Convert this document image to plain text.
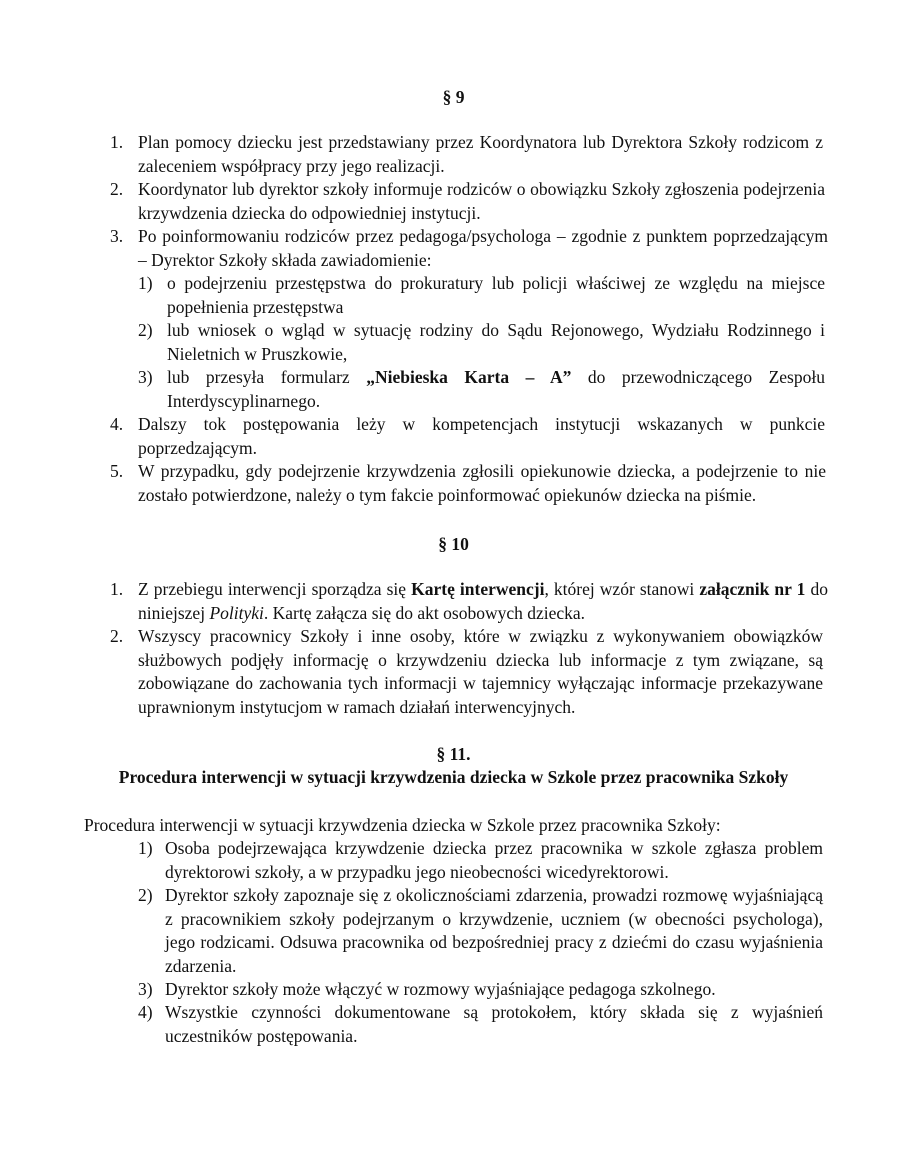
§ 9
1. Plan pomocy dziecku jest przedstawiany przez Koordynatora lub Dyrektora Szkoły rodzicom z zaleceniem współpracy przy jego realizacji.
2. Koordynator lub dyrektor szkoły informuje rodziców o obowiązku Szkoły zgłoszenia podejrzenia krzywdzenia dziecka do odpowiedniej instytucji.
3. Po poinformowaniu rodziców przez pedagoga/psychologa – zgodnie z punktem poprzedzającym – Dyrektor Szkoły składa zawiadomienie:
1) o podejrzeniu przestępstwa do prokuratury lub policji właściwej ze względu na miejsce popełnienia przestępstwa
2) lub wniosek o wgląd w sytuację rodziny do Sądu Rejonowego, Wydziału Rodzinnego i Nieletnich w Pruszkowie,
3) lub przesyła formularz „Niebieska Karta – A” do przewodniczącego Zespołu Interdyscyplinarnego.
4. Dalszy tok postępowania leży w kompetencjach instytucji wskazanych w punkcie poprzedzającym.
5. W przypadku, gdy podejrzenie krzywdzenia zgłosili opiekunowie dziecka, a podejrzenie to nie zostało potwierdzone, należy o tym fakcie poinformować opiekunów dziecka na piśmie.
§ 10
1. Z przebiegu interwencji sporządza się Kartę interwencji, której wzór stanowi załącznik nr 1 do niniejszej Polityki. Kartę załącza się do akt osobowych dziecka.
2. Wszyscy pracownicy Szkoły i inne osoby, które w związku z wykonywaniem obowiązków służbowych podjęły informację o krzywdzeniu dziecka lub informacje z tym związane, są zobowiązane do zachowania tych informacji w tajemnicy wyłączając informacje przekazywane uprawnionym instytucjom w ramach działań interwencyjnych.
§ 11.
Procedura interwencji w sytuacji krzywdzenia dziecka w Szkole przez pracownika Szkoły
Procedura interwencji w sytuacji krzywdzenia dziecka w Szkole przez pracownika Szkoły:
1) Osoba podejrzewająca krzywdzenie dziecka przez pracownika w szkole zgłasza problem dyrektorowi szkoły, a w przypadku jego nieobecności wicedyrektorowi.
2) Dyrektor szkoły zapoznaje się z okolicznościami zdarzenia, prowadzi rozmowę wyjaśniającą z pracownikiem szkoły podejrzanym o krzywdzenie, uczniem (w obecności psychologa), jego rodzicami. Odsuwa pracownika od bezpośredniej pracy z dziećmi do czasu wyjaśnienia zdarzenia.
3) Dyrektor szkoły może włączyć w rozmowy wyjaśniające pedagoga szkolnego.
4) Wszystkie czynności dokumentowane są protokołem, który składa się z wyjaśnień uczestników postępowania.
